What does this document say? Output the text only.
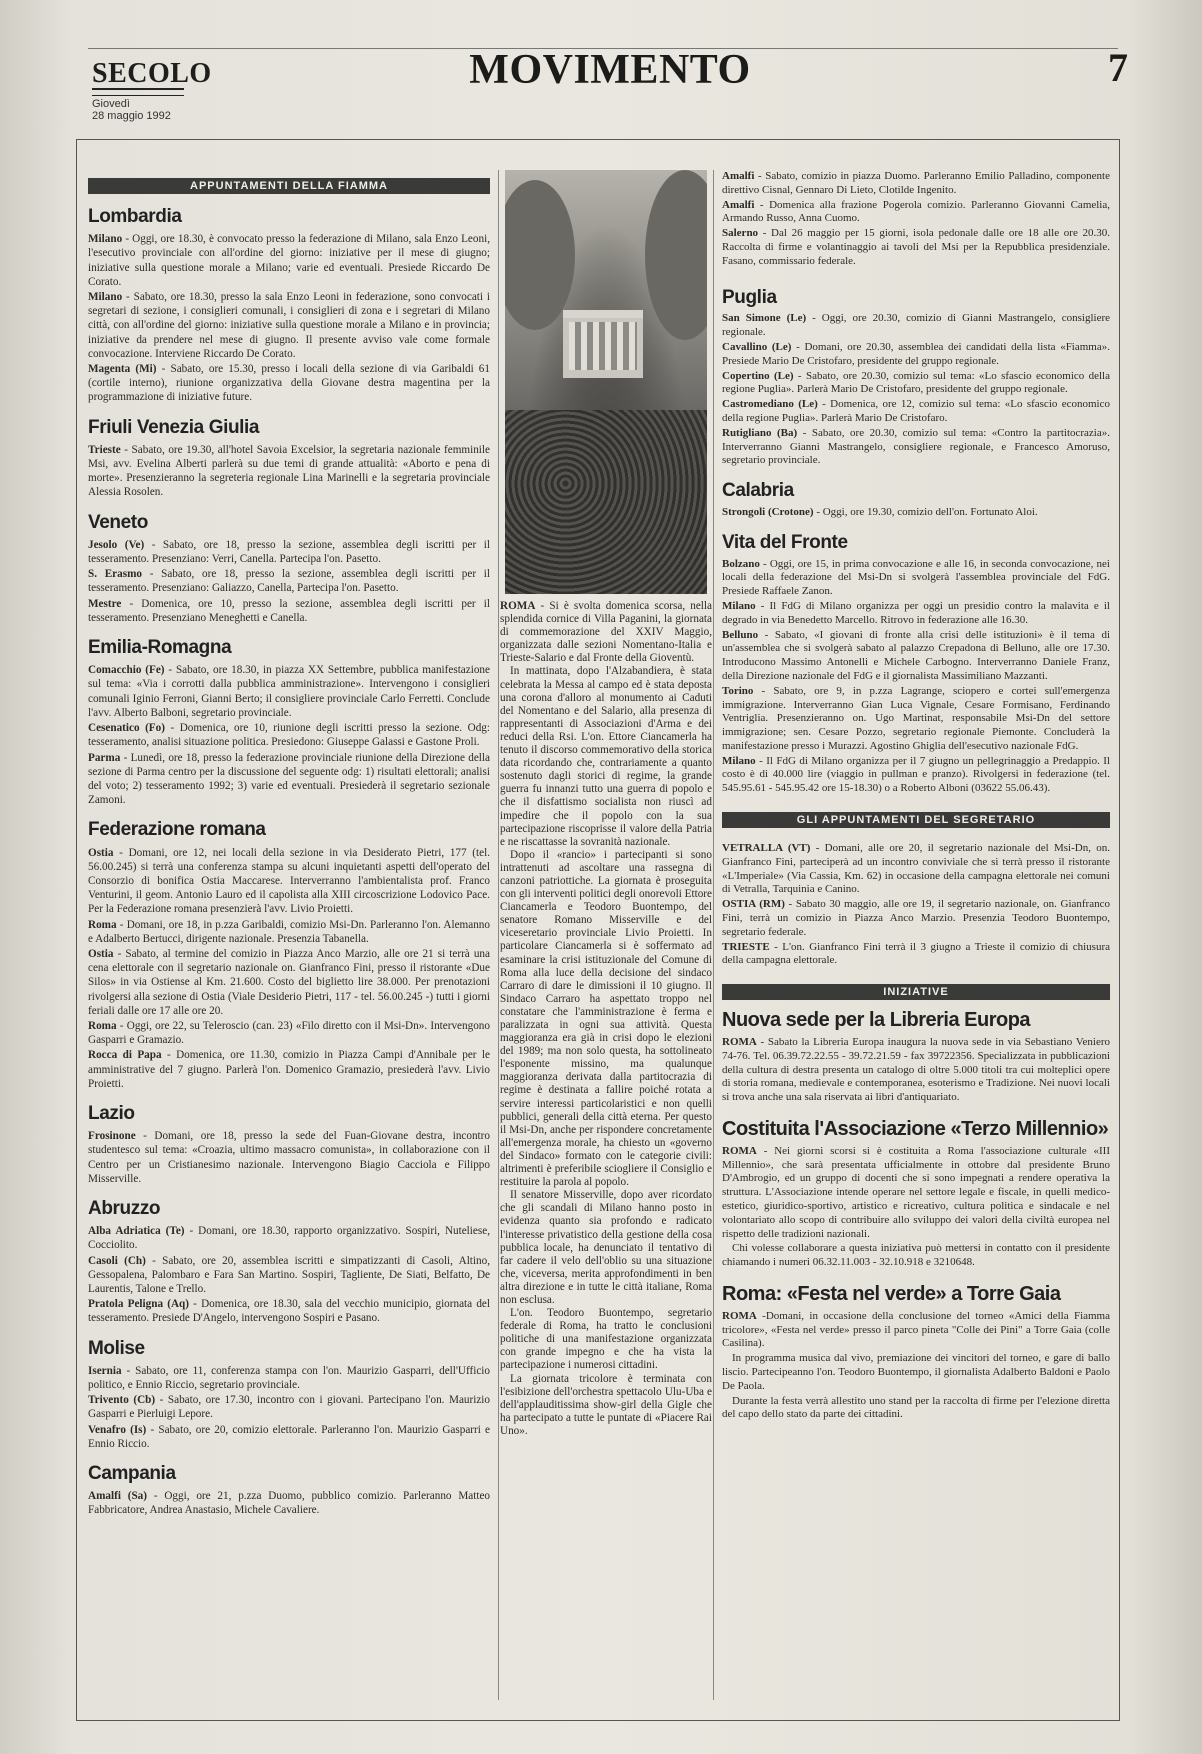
SECOLO
Giovedì
28 maggio 1992
MOVIMENTO	7
APPUNTAMENTI DELLA FIAMMA
Lombardia

Milano - Oggi, ore 18.30, è convocato presso la federazione di Milano, sala Enzo Leoni, l'esecutivo provinciale con all'ordine del giorno: iniziative per il mese di giugno; iniziative sulla questione morale a Milano; varie ed eventuali. Presiede Riccardo De Corato.

Milano - Sabato, ore 18.30, presso la sala Enzo Leoni in federazione, sono convocati i segretari di sezione, i consiglieri comunali, i consiglieri di zona e i segretari di Milano città, con all'ordine del giorno: iniziative sulla questione morale a Milano e in provincia; iniziative da prendere nel mese di giugno. Il presente avviso vale come formale convocazione. Interviene Riccardo De Corato.

Magenta (Mi) - Sabato, ore 15.30, presso i locali della sezione di via Garibaldi 61 (cortile interno), riunione organizzativa della Giovane destra magentina per la programmazione di iniziative future.

Friuli Venezia Giulia

Trieste - Sabato, ore 19.30, all'hotel Savoia Excelsior, la segretaria nazionale femminile Msi, avv. Evelina Alberti parlerà su due temi di grande attualità: «Aborto e pena di morte». Presenzieranno la segreteria regionale Lina Marinelli e la segretaria provinciale Alessia Rosolen.

Veneto

Jesolo (Ve) - Sabato, ore 18, presso la sezione, assemblea degli iscritti per il tesseramento. Presenziano: Verri, Canella. Partecipa l'on. Pasetto.

S. Erasmo - Sabato, ore 18, presso la sezione, assemblea degli iscritti per il tesseramento. Presenziano: Galiazzo, Canella, Partecipa l'on. Pasetto.

Mestre - Domenica, ore 10, presso la sezione, assemblea degli iscritti per il tesseramento. Presenziano Meneghetti e Canella.

Emilia-Romagna

Comacchio (Fe) - Sabato, ore 18.30, in piazza XX Settembre, pubblica manifestazione sul tema: «Via i corrotti dalla pubblica amministrazione». Intervengono i consiglieri comunali Iginio Ferroni, Gianni Berto; il consigliere provinciale Carlo Ferretti. Conclude l'avv. Alberto Balboni, segretario provinciale.

Cesenatico (Fo) - Domenica, ore 10, riunione degli iscritti presso la sezione. Odg: tesseramento, analisi situazione politica. Presiedono: Giuseppe Galassi e Gastone Proli.

Parma - Lunedì, ore 18, presso la federazione provinciale riunione della Direzione della sezione di Parma centro per la discussione del seguente odg: 1) risultati elettorali; analisi del voto; 2) tesseramento 1992; 3) varie ed eventuali. Presiederà il segretario sezionale Zamoni.

Federazione romana

Ostia - Domani, ore 12, nei locali della sezione in via Desiderato Pietri, 177 (tel. 56.00.245) si terrà una conferenza stampa su alcuni inquietanti aspetti dell'operato del Consorzio di bonifica Ostia Maccarese. Interverranno l'ambientalista prof. Franco Venturini, il geom. Antonio Lauro ed il capolista alla XIII circoscrizione Lodovico Pace. Per la Federazione romana presenzierà l'avv. Livio Proietti.

Roma - Domani, ore 18, in p.zza Garibaldi, comizio Msi-Dn. Parleranno l'on. Alemanno e Adalberto Bertucci, dirigente nazionale. Presenzia Tabanella.

Ostia - Sabato, al termine del comizio in Piazza Anco Marzio, alle ore 21 si terrà una cena elettorale con il segretario nazionale on. Gianfranco Fini, presso il ristorante «Due Silos» in via Ostiense al Km. 21.600. Costo del biglietto lire 38.000. Per prenotazioni rivolgersi alla sezione di Ostia (Viale Desiderio Pietri, 117 - tel. 56.00.245 -) tutti i giorni feriali dalle ore 17 alle ore 20.

Roma - Oggi, ore 22, su Teleroscio (can. 23) «Filo diretto con il Msi-Dn». Intervengono Gasparri e Gramazio.

Rocca di Papa - Domenica, ore 11.30, comizio in Piazza Campi d'Annibale per le amministrative del 7 giugno. Parlerà l'on. Domenico Gramazio, presiederà l'avv. Livio Proietti.

Lazio

Frosinone - Domani, ore 18, presso la sede del Fuan-Giovane destra, incontro studentesco sul tema: «Croazia, ultimo massacro comunista», in collaborazione con il Centro per un Cristianesimo nazionale. Intervengono Biagio Cacciola e Filippo Misserville.

Abruzzo

Alba Adriatica (Te) - Domani, ore 18.30, rapporto organizzativo. Sospiri, Nuteliese, Cocciolito.

Casoli (Ch) - Sabato, ore 20, assemblea iscritti e simpatizzanti di Casoli, Altino, Gessopalena, Palombaro e Fara San Martino. Sospiri, Tagliente, De Siati, Belfatto, De Laurentis, Talone e Trello.

Pratola Peligna (Aq) - Domenica, ore 18.30, sala del vecchio municipio, giornata del tesseramento. Presiede D'Angelo, intervengono Sospiri e Pasano.

Molise

Isernia - Sabato, ore 11, conferenza stampa con l'on. Maurizio Gasparri, dell'Ufficio politico, e Ennio Riccio, segretario provinciale.

Trivento (Cb) - Sabato, ore 17.30, incontro con i giovani. Partecipano l'on. Maurizio Gasparri e Pierluigi Lepore.

Venafro (Is) - Sabato, ore 20, comizio elettorale. Parleranno l'on. Maurizio Gasparri e Ennio Riccio.

Campania

Amalfi (Sa) - Oggi, ore 21, p.zza Duomo, pubblico comizio. Parleranno Matteo Fabbricatore, Andrea Anastasio, Michele Cavaliere.

ROMA - Si è svolta domenica scorsa, nella splendida cornice di Villa Paganini, la giornata di commemorazione del XXIV Maggio, organizzata dalle sezioni Nomentano-Italia e Trieste-Salario e dal Fronte della Gioventù.

In mattinata, dopo l'Alzabandiera, è stata celebrata la Messa al campo ed è stata deposta una corona d'alloro al monumento ai Caduti del Nomentano e del Salario, alla presenza di rappresentanti di Associazioni d'Arma e dei reduci della Rsi. L'on. Ettore Ciancamerla ha tenuto il discorso commemorativo della storica data ricordando che, contrariamente a quanto sostenuto dagli storici di regime, la grande guerra fu innanzi tutto una guerra di popolo e che il disfattismo socialista non riuscì ad impedire che il popolo con la sua partecipazione riscoprisse il valore della Patria e ne riscattasse la sovranità nazionale.

Dopo il «rancio» i partecipanti si sono intrattenuti ad ascoltare una rassegna di canzoni patriottiche. La giornata è proseguita con gli interventi politici degli onorevoli Ettore Ciancamerla e Teodoro Buontempo, del senatore Romano Misserville e del viceseretario provinciale Livio Proietti. In particolare Ciancamerla si è soffermato ad esaminare la crisi istituzionale del Comune di Roma alla luce della decisione del sindaco Carraro di dare le dimissioni il 10 giugno. Il Sindaco Carraro ha aspettato troppo nel constatare che l'amministrazione è ferma e paralizzata in ogni sua attività. Questa maggioranza era già in crisi dopo le elezioni del 1989; ma non solo questa, ha sottolineato l'esponente missino, ma qualunque maggioranza derivata dalla partitocrazia di regime è destinata a fallire poiché rotata a servire interessi particolaristici e non quelli pubblici, generali della città eterna. Per questo il Msi-Dn, anche per rispondere concretamente all'emergenza morale, ha chiesto un «governo del Sindaco» formato con le categorie civili: altrimenti è preferibile sciogliere il Consiglio e restituire la parola al popolo.

Il senatore Misserville, dopo aver ricordato che gli scandali di Milano hanno posto in evidenza quanto sia profondo e radicato l'interesse privatistico della gestione della cosa pubblica locale, ha denunciato il tentativo di far cadere il velo dell'oblio su una situazione che, viceversa, merita approfondimenti in ben altra direzione e in tutte le città italiane, Roma non esclusa.

L'on. Teodoro Buontempo, segretario federale di Roma, ha tratto le conclusioni politiche di una manifestazione organizzata con grande impegno e che ha vista la partecipazione i numerosi cittadini.

La giornata tricolore è terminata con l'esibizione dell'orchestra spettacolo Ulu-Uba e dell'applauditissima show-girl della Gigle che ha partecipato a tutte le puntate di «Piacere Rai Uno».

Amalfi - Sabato, comizio in piazza Duomo. Parleranno Emilio Palladino, componente direttivo Cisnal, Gennaro Di Lieto, Clotilde Ingenito.

Amalfi - Domenica alla frazione Pogerola comizio. Parleranno Giovanni Camelia, Armando Russo, Anna Cuomo.

Salerno - Dal 26 maggio per 15 giorni, isola pedonale dalle ore 18 alle ore 20.30. Raccolta di firme e volantinaggio ai tavoli del Msi per la Repubblica presidenziale. Fasano, commissario federale.

Puglia

San Simone (Le) - Oggi, ore 20.30, comizio di Gianni Mastrangelo, consigliere regionale.

Cavallino (Le) - Domani, ore 20.30, assemblea dei candidati della lista «Fiamma». Presiede Mario De Cristofaro, presidente del gruppo regionale.

Copertino (Le) - Sabato, ore 20.30, comizio sul tema: «Lo sfascio economico della regione Puglia». Parlerà Mario De Cristofaro, presidente del gruppo regionale.

Castromediano (Le) - Domenica, ore 12, comizio sul tema: «Lo sfascio economico della regione Puglia». Parlerà Mario De Cristofaro.

Rutigliano (Ba) - Sabato, ore 20.30, comizio sul tema: «Contro la partitocrazia». Interverranno Gianni Mastrangelo, consigliere regionale, e Francesco Amoruso, segretario provinciale.

Calabria

Strongoli (Crotone) - Oggi, ore 19.30, comizio dell'on. Fortunato Aloi.

Vita del Fronte

Bolzano - Oggi, ore 15, in prima convocazione e alle 16, in seconda convocazione, nei locali della federazione del Msi-Dn si svolgerà l'assemblea provinciale del FdG. Presiede Raffaele Zanon.

Milano - Il FdG di Milano organizza per oggi un presidio contro la malavita e il degrado in via Benedetto Marcello. Ritrovo in federazione alle 16.30.

Belluno - Sabato, «I giovani di fronte alla crisi delle istituzioni» è il tema di un'assemblea che si svolgerà sabato al palazzo Crepadona di Belluno, alle ore 17.30. Introducono Massimo Antonelli e Michele Carbogno. Interverranno Daniele Franz, della Direzione nazionale del FdG e il giornalista Massimiliano Mazzanti.

Torino - Sabato, ore 9, in p.zza Lagrange, sciopero e cortei sull'emergenza immigrazione. Interverranno Gian Luca Vignale, Cesare Formisano, Ferdinando Ventriglia. Presenzieranno on. Ugo Martinat, responsabile Msi-Dn del settore immigrazione; sen. Cesare Pozzo, segretario regionale Piemonte. Concluderà la manifestazione presso i Murazzi. Agostino Ghiglia dell'esecutivo nazionale FdG.

Milano - Il FdG di Milano organizza per il 7 giugno un pellegrinaggio a Predappio. Il costo è di 40.000 lire (viaggio in pullman e pranzo). Rivolgersi in federazione (tel. 545.95.61 - 545.95.42 ore 15-18.30) o a Roberto Alboni (03622 55.06.43).

GLI APPUNTAMENTI DEL SEGRETARIO

VETRALLA (VT) - Domani, alle ore 20, il segretario nazionale del Msi-Dn, on. Gianfranco Fini, parteciperà ad un incontro conviviale che si terrà presso il ristorante «L'Imperiale» (Via Cassia, Km. 62) in occasione della campagna elettorale nei comuni di Vetralla, Tarquinia e Canino.

OSTIA (RM) - Sabato 30 maggio, alle ore 19, il segretario nazionale, on. Gianfranco Fini, terrà un comizio in Piazza Anco Marzio. Presenzia Teodoro Buontempo, segretario federale.

TRIESTE - L'on. Gianfranco Fini terrà il 3 giugno a Trieste il comizio di chiusura della campagna elettorale.

INIZIATIVE
Nuova sede per la Libreria Europa

ROMA - Sabato la Libreria Europa inaugura la nuova sede in via Sebastiano Veniero 74-76. Tel. 06.39.72.22.55 - 39.72.21.59 - fax 39722356. Specializzata in pubblicazioni della cultura di destra presenta un catalogo di oltre 5.000 titoli tra cui molteplici opere di storia romana, medievale e contemporanea, esoterismo e Tradizione. Nei nuovi locali si trova anche una sala riservata ai libri d'antiquariato.

Costituita l'Associazione «Terzo Millennio»

ROMA - Nei giorni scorsi si è costituita a Roma l'associazione culturale «III Millennio», che sarà presentata ufficialmente in ottobre dal presidente Bruno D'Ambrogio, ed un gruppo di docenti che si sono impegnati a rendere operativa la struttura. L'Associazione intende operare nel settore legale e fiscale, in quelli medico-estetico, giuridico-sportivo, artistico e ricreativo, cultura politica e sindacale e nel volontariato allo scopo di contribuire allo sviluppo dei valori della civiltà europea nel rispetto delle tradizioni nazionali.

Chi volesse collaborare a questa iniziativa può mettersi in contatto con il presidente chiamando i numeri 06.32.11.003 - 32.10.918 e 3210648.

Roma: «Festa nel verde» a Torre Gaia

ROMA -Domani, in occasione della conclusione del torneo «Amici della Fiamma tricolore», «Festa nel verde» presso il parco pineta "Colle dei Pini" a Torre Gaia (colle Casilina).

In programma musica dal vivo, premiazione dei vincitori del torneo, e gare di ballo liscio. Partecipeanno l'on. Teodoro Buontempo, il giornalista Adalberto Baldoni e Paolo De Paola.

Durante la festa verrà allestito uno stand per la raccolta di firme per l'elezione diretta del capo dello stato da parte dei cittadini.
